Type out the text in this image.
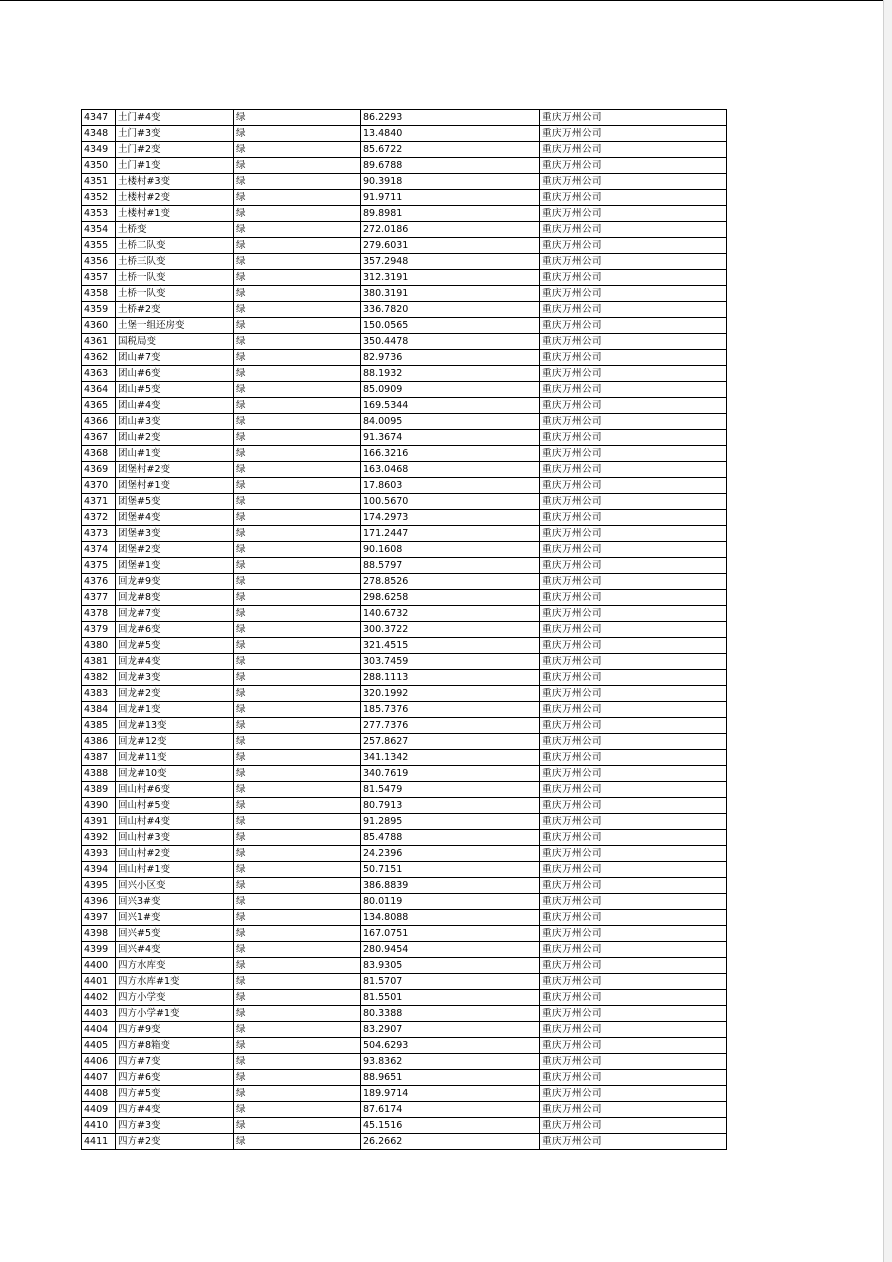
4347	土门#4变	绿	86.2293	重庆万州公司
4348	土门#3变	绿	13.4840	重庆万州公司
4349	土门#2变	绿	85.6722	重庆万州公司
4350	土门#1变	绿	89.6788	重庆万州公司
4351	土楼村#3变	绿	90.3918	重庆万州公司
4352	土楼村#2变	绿	91.9711	重庆万州公司
4353	土楼村#1变	绿	89.8981	重庆万州公司
4354	土桥变	绿	272.0186	重庆万州公司
4355	土桥二队变	绿	279.6031	重庆万州公司
4356	土桥三队变	绿	357.2948	重庆万州公司
4357	土桥一队变	绿	312.3191	重庆万州公司
4358	土桥一队变	绿	380.3191	重庆万州公司
4359	土桥#2变	绿	336.7820	重庆万州公司
4360	土堡一组还房变	绿	150.0565	重庆万州公司
4361	国税局变	绿	350.4478	重庆万州公司
4362	团山#7变	绿	82.9736	重庆万州公司
4363	团山#6变	绿	88.1932	重庆万州公司
4364	团山#5变	绿	85.0909	重庆万州公司
4365	团山#4变	绿	169.5344	重庆万州公司
4366	团山#3变	绿	84.0095	重庆万州公司
4367	团山#2变	绿	91.3674	重庆万州公司
4368	团山#1变	绿	166.3216	重庆万州公司
4369	团堡村#2变	绿	163.0468	重庆万州公司
4370	团堡村#1变	绿	17.8603	重庆万州公司
4371	团堡#5变	绿	100.5670	重庆万州公司
4372	团堡#4变	绿	174.2973	重庆万州公司
4373	团堡#3变	绿	171.2447	重庆万州公司
4374	团堡#2变	绿	90.1608	重庆万州公司
4375	团堡#1变	绿	88.5797	重庆万州公司
4376	回龙#9变	绿	278.8526	重庆万州公司
4377	回龙#8变	绿	298.6258	重庆万州公司
4378	回龙#7变	绿	140.6732	重庆万州公司
4379	回龙#6变	绿	300.3722	重庆万州公司
4380	回龙#5变	绿	321.4515	重庆万州公司
4381	回龙#4变	绿	303.7459	重庆万州公司
4382	回龙#3变	绿	288.1113	重庆万州公司
4383	回龙#2变	绿	320.1992	重庆万州公司
4384	回龙#1变	绿	185.7376	重庆万州公司
4385	回龙#13变	绿	277.7376	重庆万州公司
4386	回龙#12变	绿	257.8627	重庆万州公司
4387	回龙#11变	绿	341.1342	重庆万州公司
4388	回龙#10变	绿	340.7619	重庆万州公司
4389	回山村#6变	绿	81.5479	重庆万州公司
4390	回山村#5变	绿	80.7913	重庆万州公司
4391	回山村#4变	绿	91.2895	重庆万州公司
4392	回山村#3变	绿	85.4788	重庆万州公司
4393	回山村#2变	绿	24.2396	重庆万州公司
4394	回山村#1变	绿	50.7151	重庆万州公司
4395	回兴小区变	绿	386.8839	重庆万州公司
4396	回兴3#变	绿	80.0119	重庆万州公司
4397	回兴1#变	绿	134.8088	重庆万州公司
4398	回兴#5变	绿	167.0751	重庆万州公司
4399	回兴#4变	绿	280.9454	重庆万州公司
4400	四方水库变	绿	83.9305	重庆万州公司
4401	四方水库#1变	绿	81.5707	重庆万州公司
4402	四方小学变	绿	81.5501	重庆万州公司
4403	四方小学#1变	绿	80.3388	重庆万州公司
4404	四方#9变	绿	83.2907	重庆万州公司
4405	四方#8箱变	绿	504.6293	重庆万州公司
4406	四方#7变	绿	93.8362	重庆万州公司
4407	四方#6变	绿	88.9651	重庆万州公司
4408	四方#5变	绿	189.9714	重庆万州公司
4409	四方#4变	绿	87.6174	重庆万州公司
4410	四方#3变	绿	45.1516	重庆万州公司
4411	四方#2变	绿	26.2662	重庆万州公司
